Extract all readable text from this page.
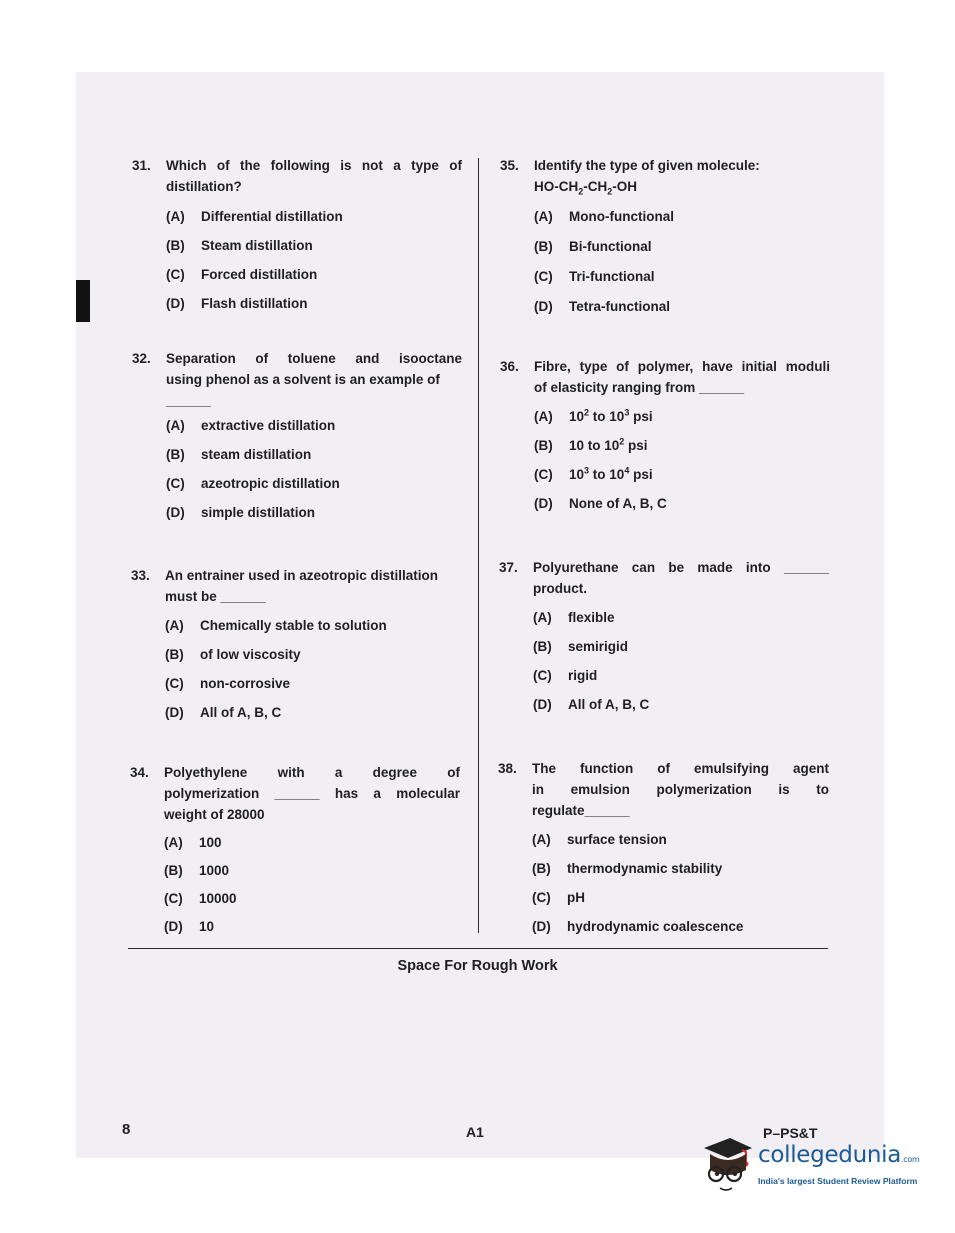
31.	Which of the following is not a type of
distillation?
(A)	Differential distillation
(B)	Steam distillation
(C)	Forced distillation
(D)	Flash distillation
32.	Separation of toluene and isooctane
using phenol as a solvent is an example of
______
(A)	extractive distillation
(B)	steam distillation
(C)	azeotropic distillation
(D)	simple distillation
33.	An entrainer used in azeotropic distillation
must be ______
(A)	Chemically stable to solution
(B)	of low viscosity
(C)	non-corrosive
(D)	All of A, B, C
34.	Polyethylene with a degree of
polymerization ______ has a molecular
weight of 28000
(A)	100
(B)	1000
(C)	10000
(D)	10
35.	Identify the type of given molecule:
$HO-CH_2-CH_2-OH$
(A)	Mono-functional
(B)	Bi-functional
(C)	Tri-functional
(D)	Tetra-functional
36.	Fibre, type of polymer, have initial moduli
of elasticity ranging from ______
(A)	$10^2$ to $10^3$ psi
(B)	10 to $10^2$ psi
(C)	$10^3$ to $10^4$ psi
(D)	None of A, B, C
37.	Polyurethane can be made into ______
product.
(A)	flexible
(B)	semirigid
(C)	rigid
(D)	All of A, B, C
38.	The function of emulsifying agent
in emulsion polymerization is to
regulate______
(A)	surface tension
(B)	thermodynamic stability
(C)	pH
(D)	hydrodynamic coalescence
Space For Rough Work
8	A1	P–PS&T
collegedunia.com
India's largest Student Review Platform
